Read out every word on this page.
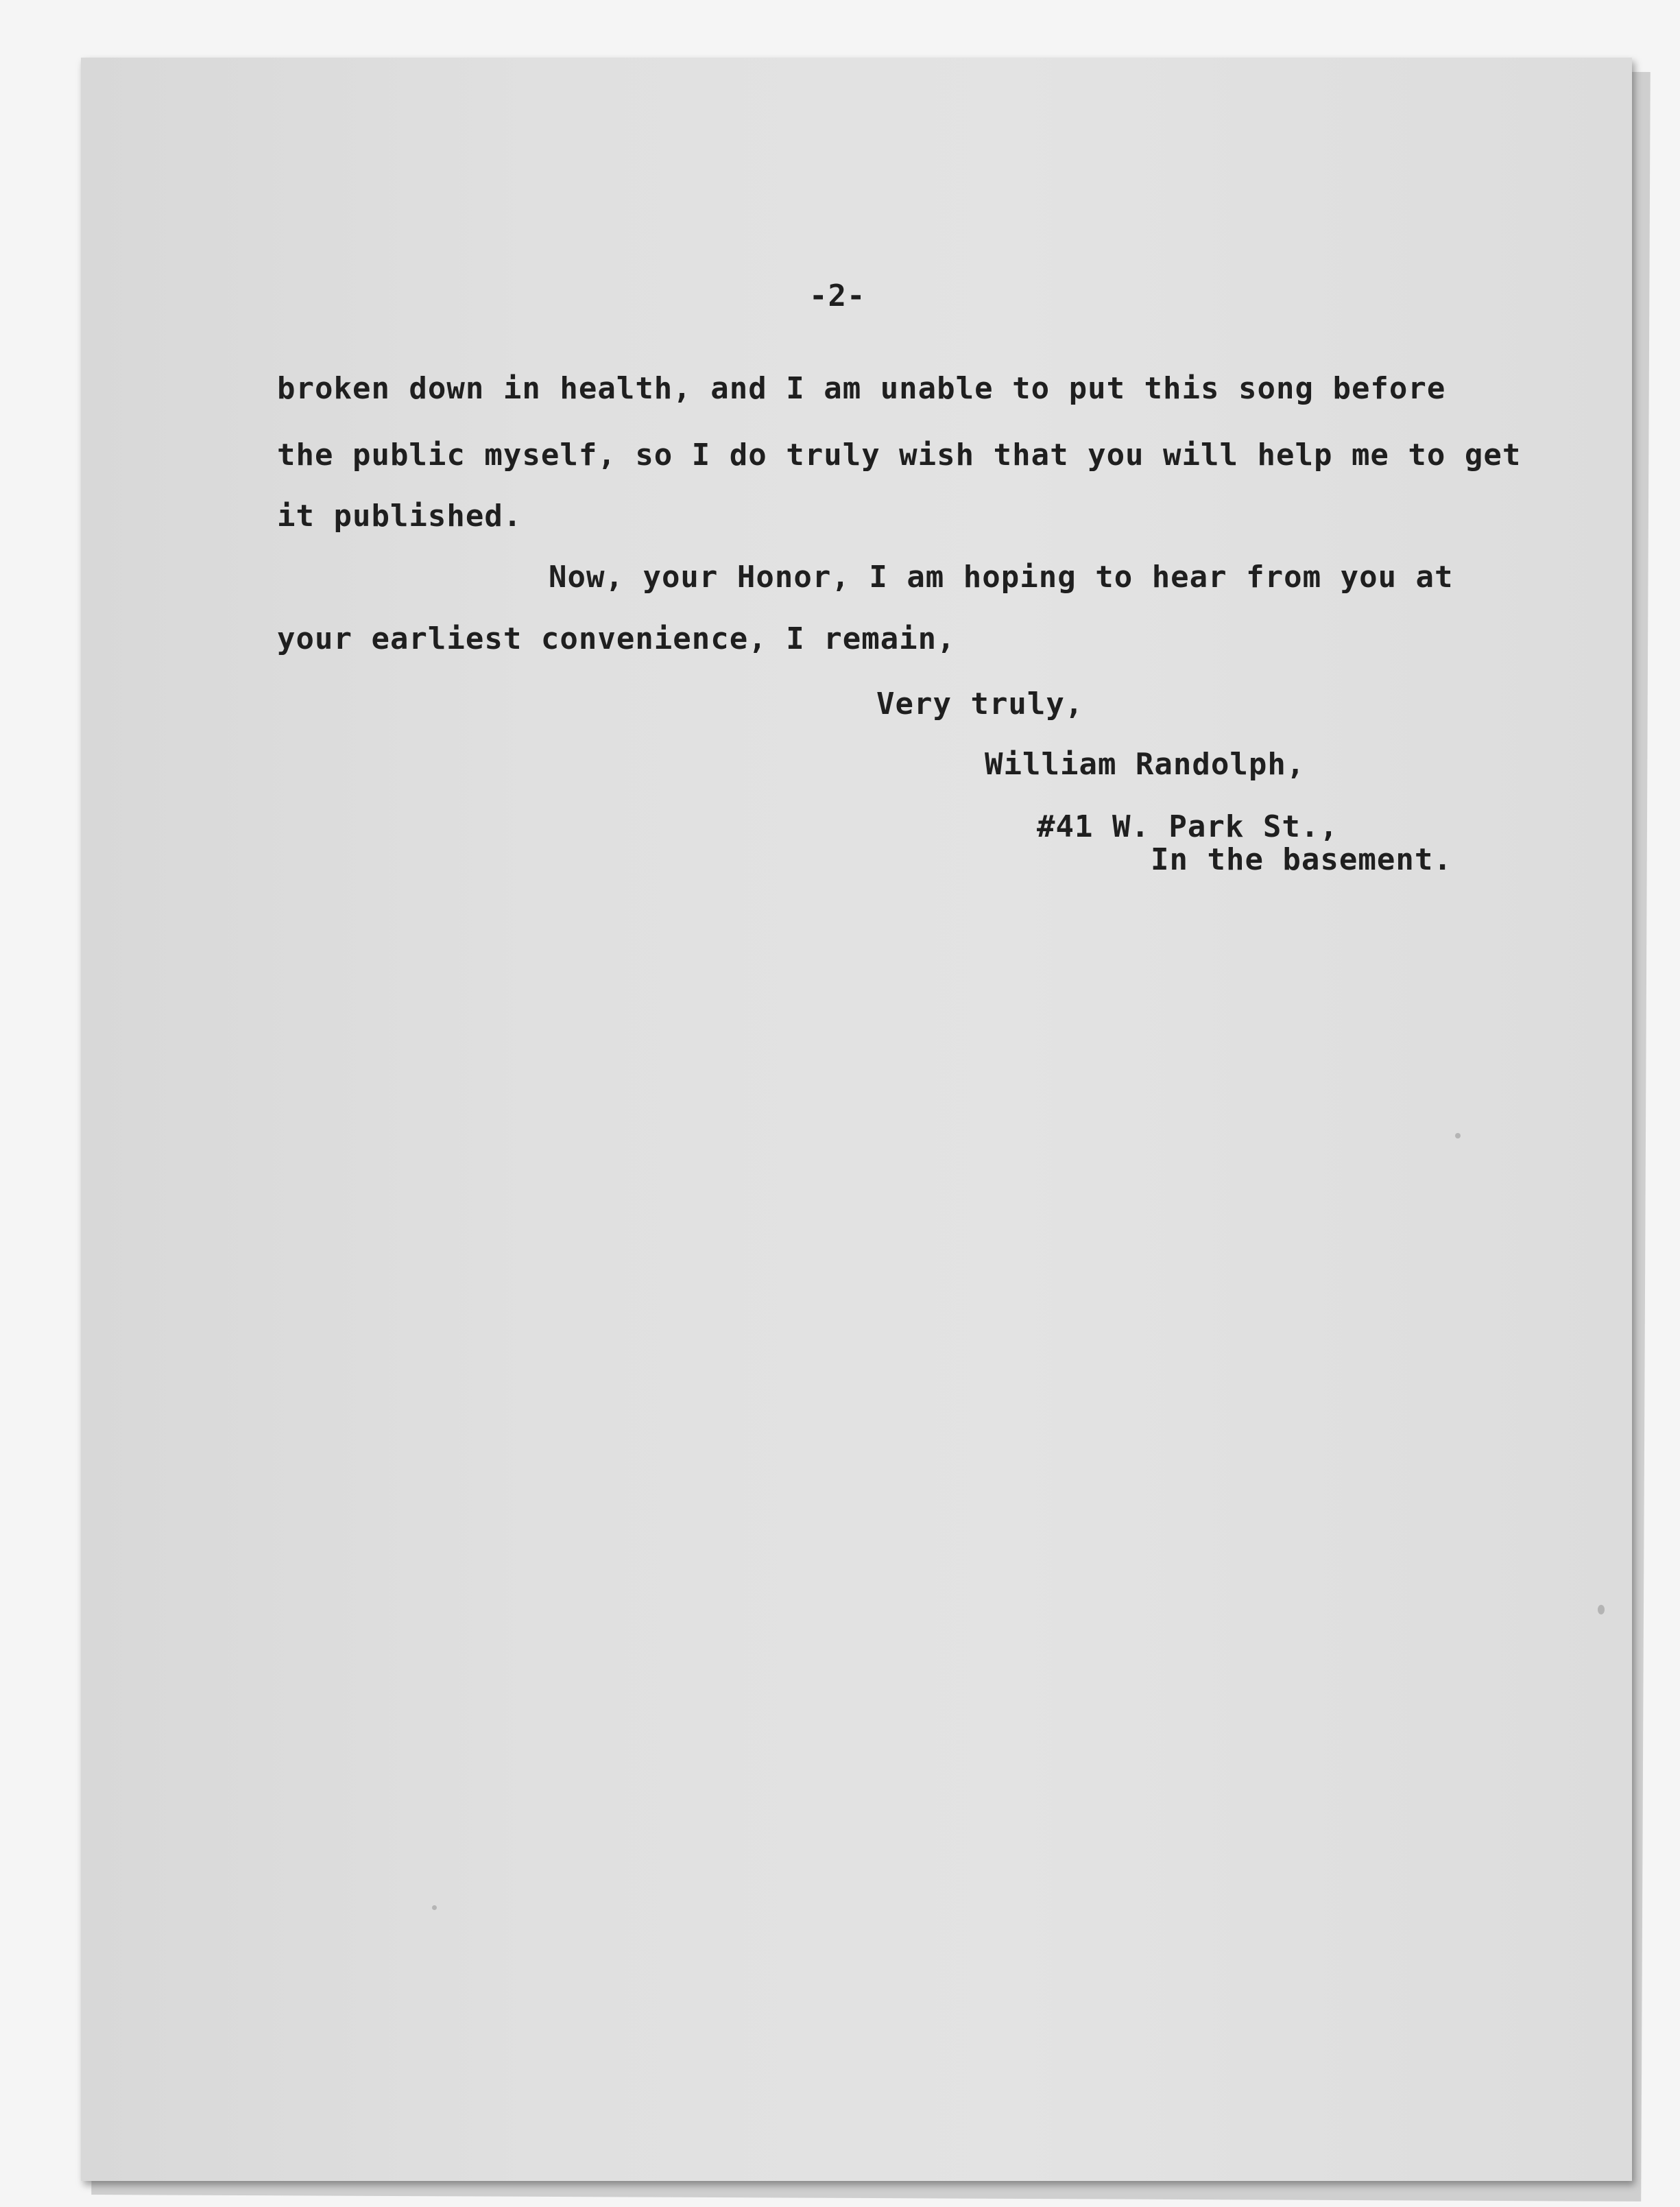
-2-
broken down in health, and I am unable to put this song before
the public myself, so I do truly wish that you will help me to get
it published.
Now, your Honor, I am hoping to hear from you at
your earliest convenience, I remain,
Very truly,
William Randolph,
#41 W. Park St.,
In the basement.
